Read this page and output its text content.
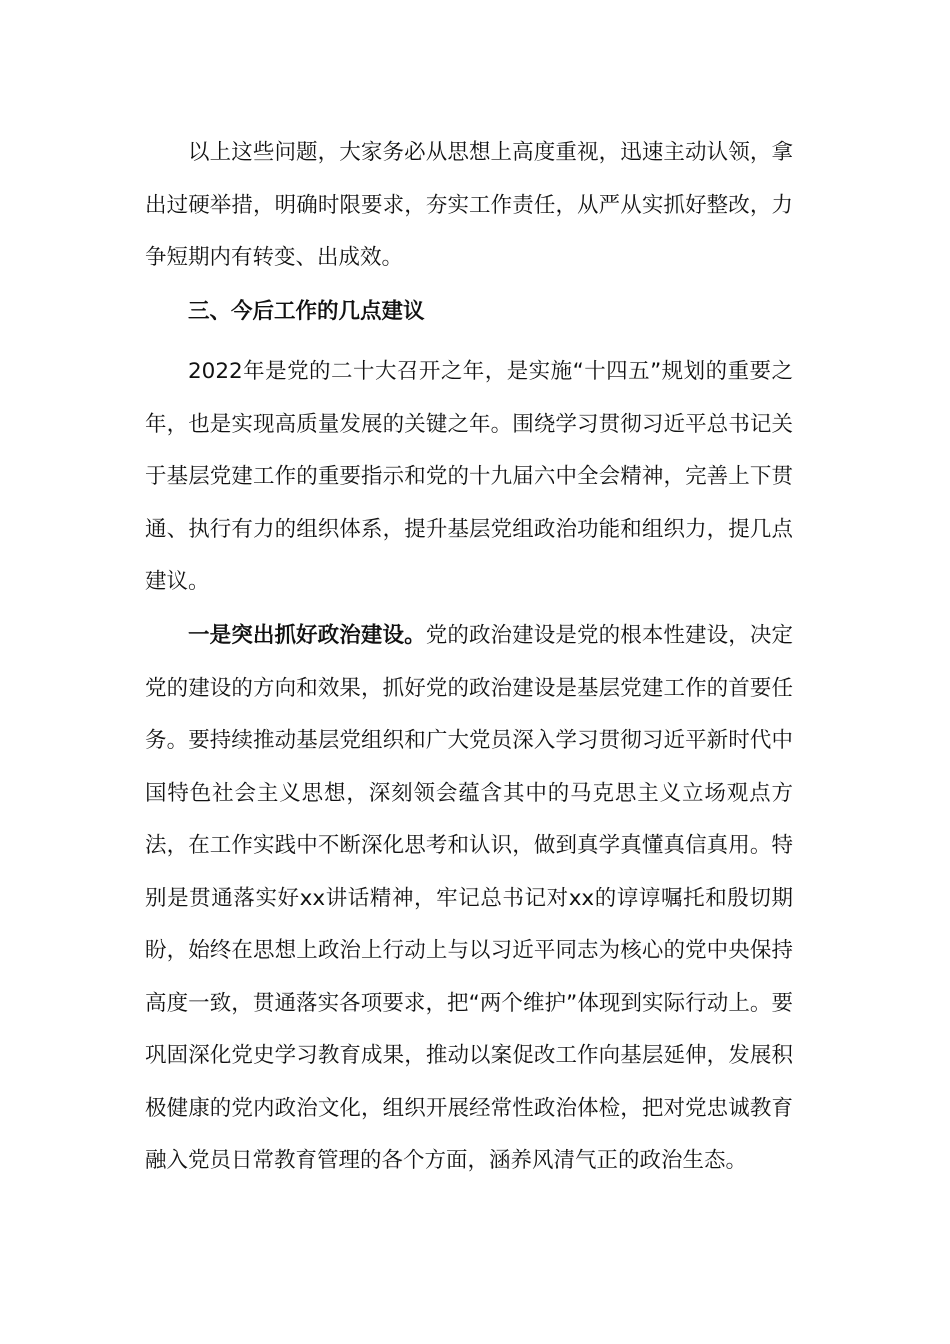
以上这些问题，大家务必从思想上高度重视，迅速主动认领，拿出过硬举措，明确时限要求，夯实工作责任，从严从实抓好整改，力争短期内有转变、出成效。

三、今后工作的几点建议

2022年是党的二十大召开之年，是实施“十四五”规划的重要之年，也是实现高质量发展的关键之年。围绕学习贯彻习近平总书记关于基层党建工作的重要指示和党的十九届六中全会精神，完善上下贯通、执行有力的组织体系，提升基层党组政治功能和组织力，提几点建议。

一是突出抓好政治建设。党的政治建设是党的根本性建设，决定党的建设的方向和效果，抓好党的政治建设是基层党建工作的首要任务。要持续推动基层党组织和广大党员深入学习贯彻习近平新时代中国特色社会主义思想，深刻领会蕴含其中的马克思主义立场观点方法，在工作实践中不断深化思考和认识，做到真学真懂真信真用。特别是贯通落实好xx讲话精神，牢记总书记对xx的谆谆嘱托和殷切期盼，始终在思想上政治上行动上与以习近平同志为核心的党中央保持高度一致，贯通落实各项要求，把“两个维护”体现到实际行动上。要巩固深化党史学习教育成果，推动以案促改工作向基层延伸，发展积极健康的党内政治文化，组织开展经常性政治体检，把对党忠诚教育融入党员日常教育管理的各个方面，涵养风清气正的政治生态。
